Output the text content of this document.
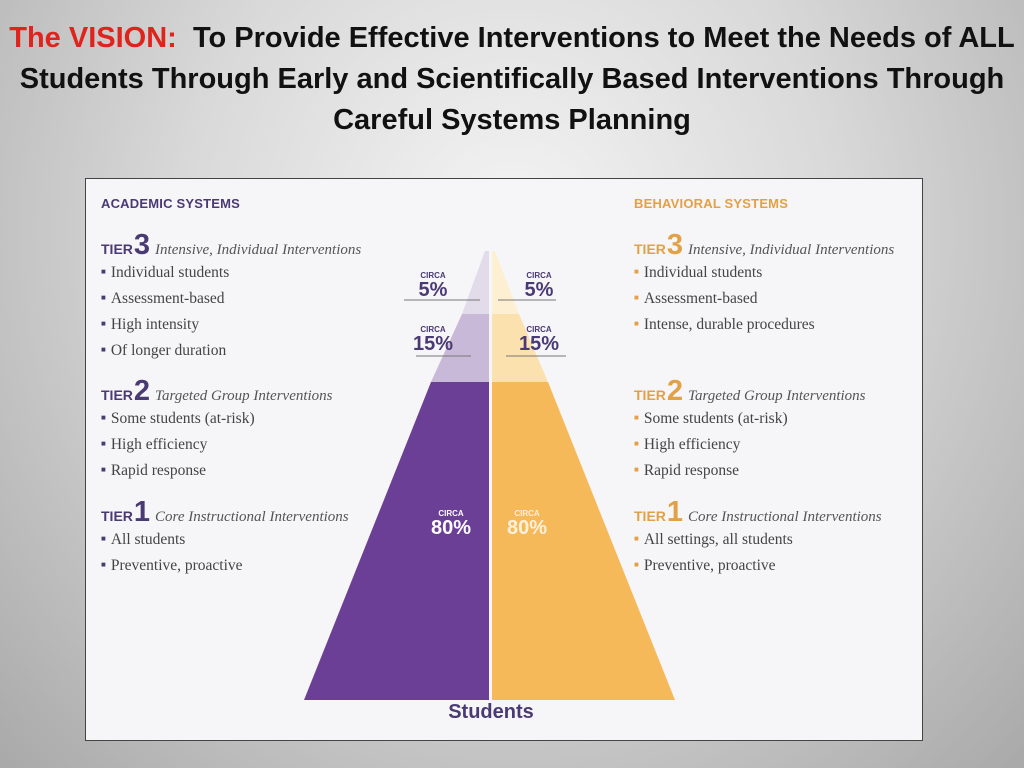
The VISION: To Provide Effective Interventions to Meet the Needs of ALL Students Through Early and Scientifically Based Interventions Through Careful Systems Planning
CIRCA
5%
CIRCA
15%
CIRCA
80%
CIRCA
5%
CIRCA
15%
CIRCA
80%
Students
ACADEMIC SYSTEMS
TIER3 Intensive, Individual Interventions
■ Individual students
■ Assessment-based
■ High intensity
■ Of longer duration
TIER2 Targeted Group Interventions
■ Some students (at-risk)
■ High efficiency
■ Rapid response
TIER1 Core Instructional Interventions
■ All students
■ Preventive, proactive
BEHAVIORAL SYSTEMS
TIER3 Intensive, Individual Interventions
■ Individual students
■ Assessment-based
■ Intense, durable procedures
TIER2 Targeted Group Interventions
■ Some students (at-risk)
■ High efficiency
■ Rapid response
TIER1 Core Instructional Interventions
■ All settings, all students
■ Preventive, proactive
